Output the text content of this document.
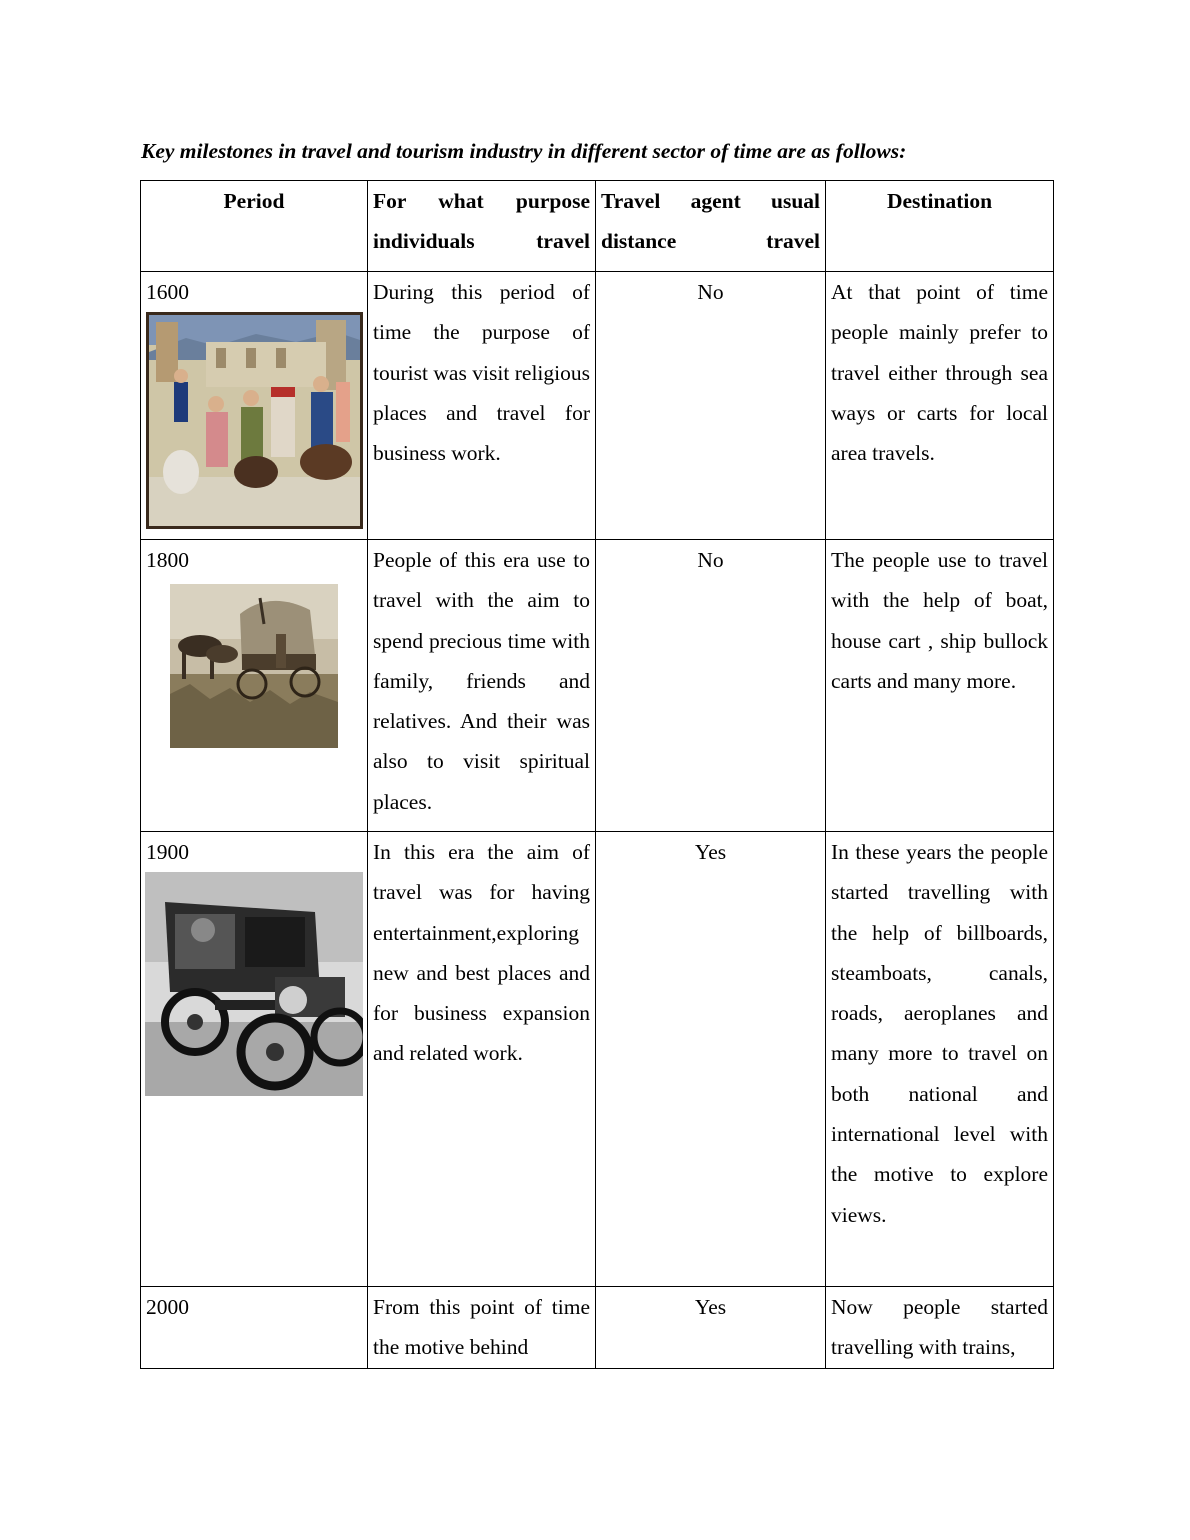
Key milestones in travel and tourism industry in different sector of time are as follows:
Period	For what purpose individuals travel	Travel agent usual distance travel	Destination

1600	During this period of time the purpose of tourist was visit religious places and travel for business work.	No	At that point of time people mainly prefer to travel either through sea ways or carts for local area travels.

1800	People of this era use to travel with the aim to spend precious time with family, friends and relatives. And their was also to visit spiritual places.	No	The people use to travel with the help of boat, house cart , ship bullock carts and many more.

1900	In this era the aim of travel was for having entertainment,exploring new and best places and for business expansion and related work.	Yes	In these years the people started travelling with the help of billboards, steamboats, canals, roads, aeroplanes and many more to travel on both national and international level with the motive to explore views.

2000	From this point of time the motive behind	Yes	Now people started travelling with trains,
